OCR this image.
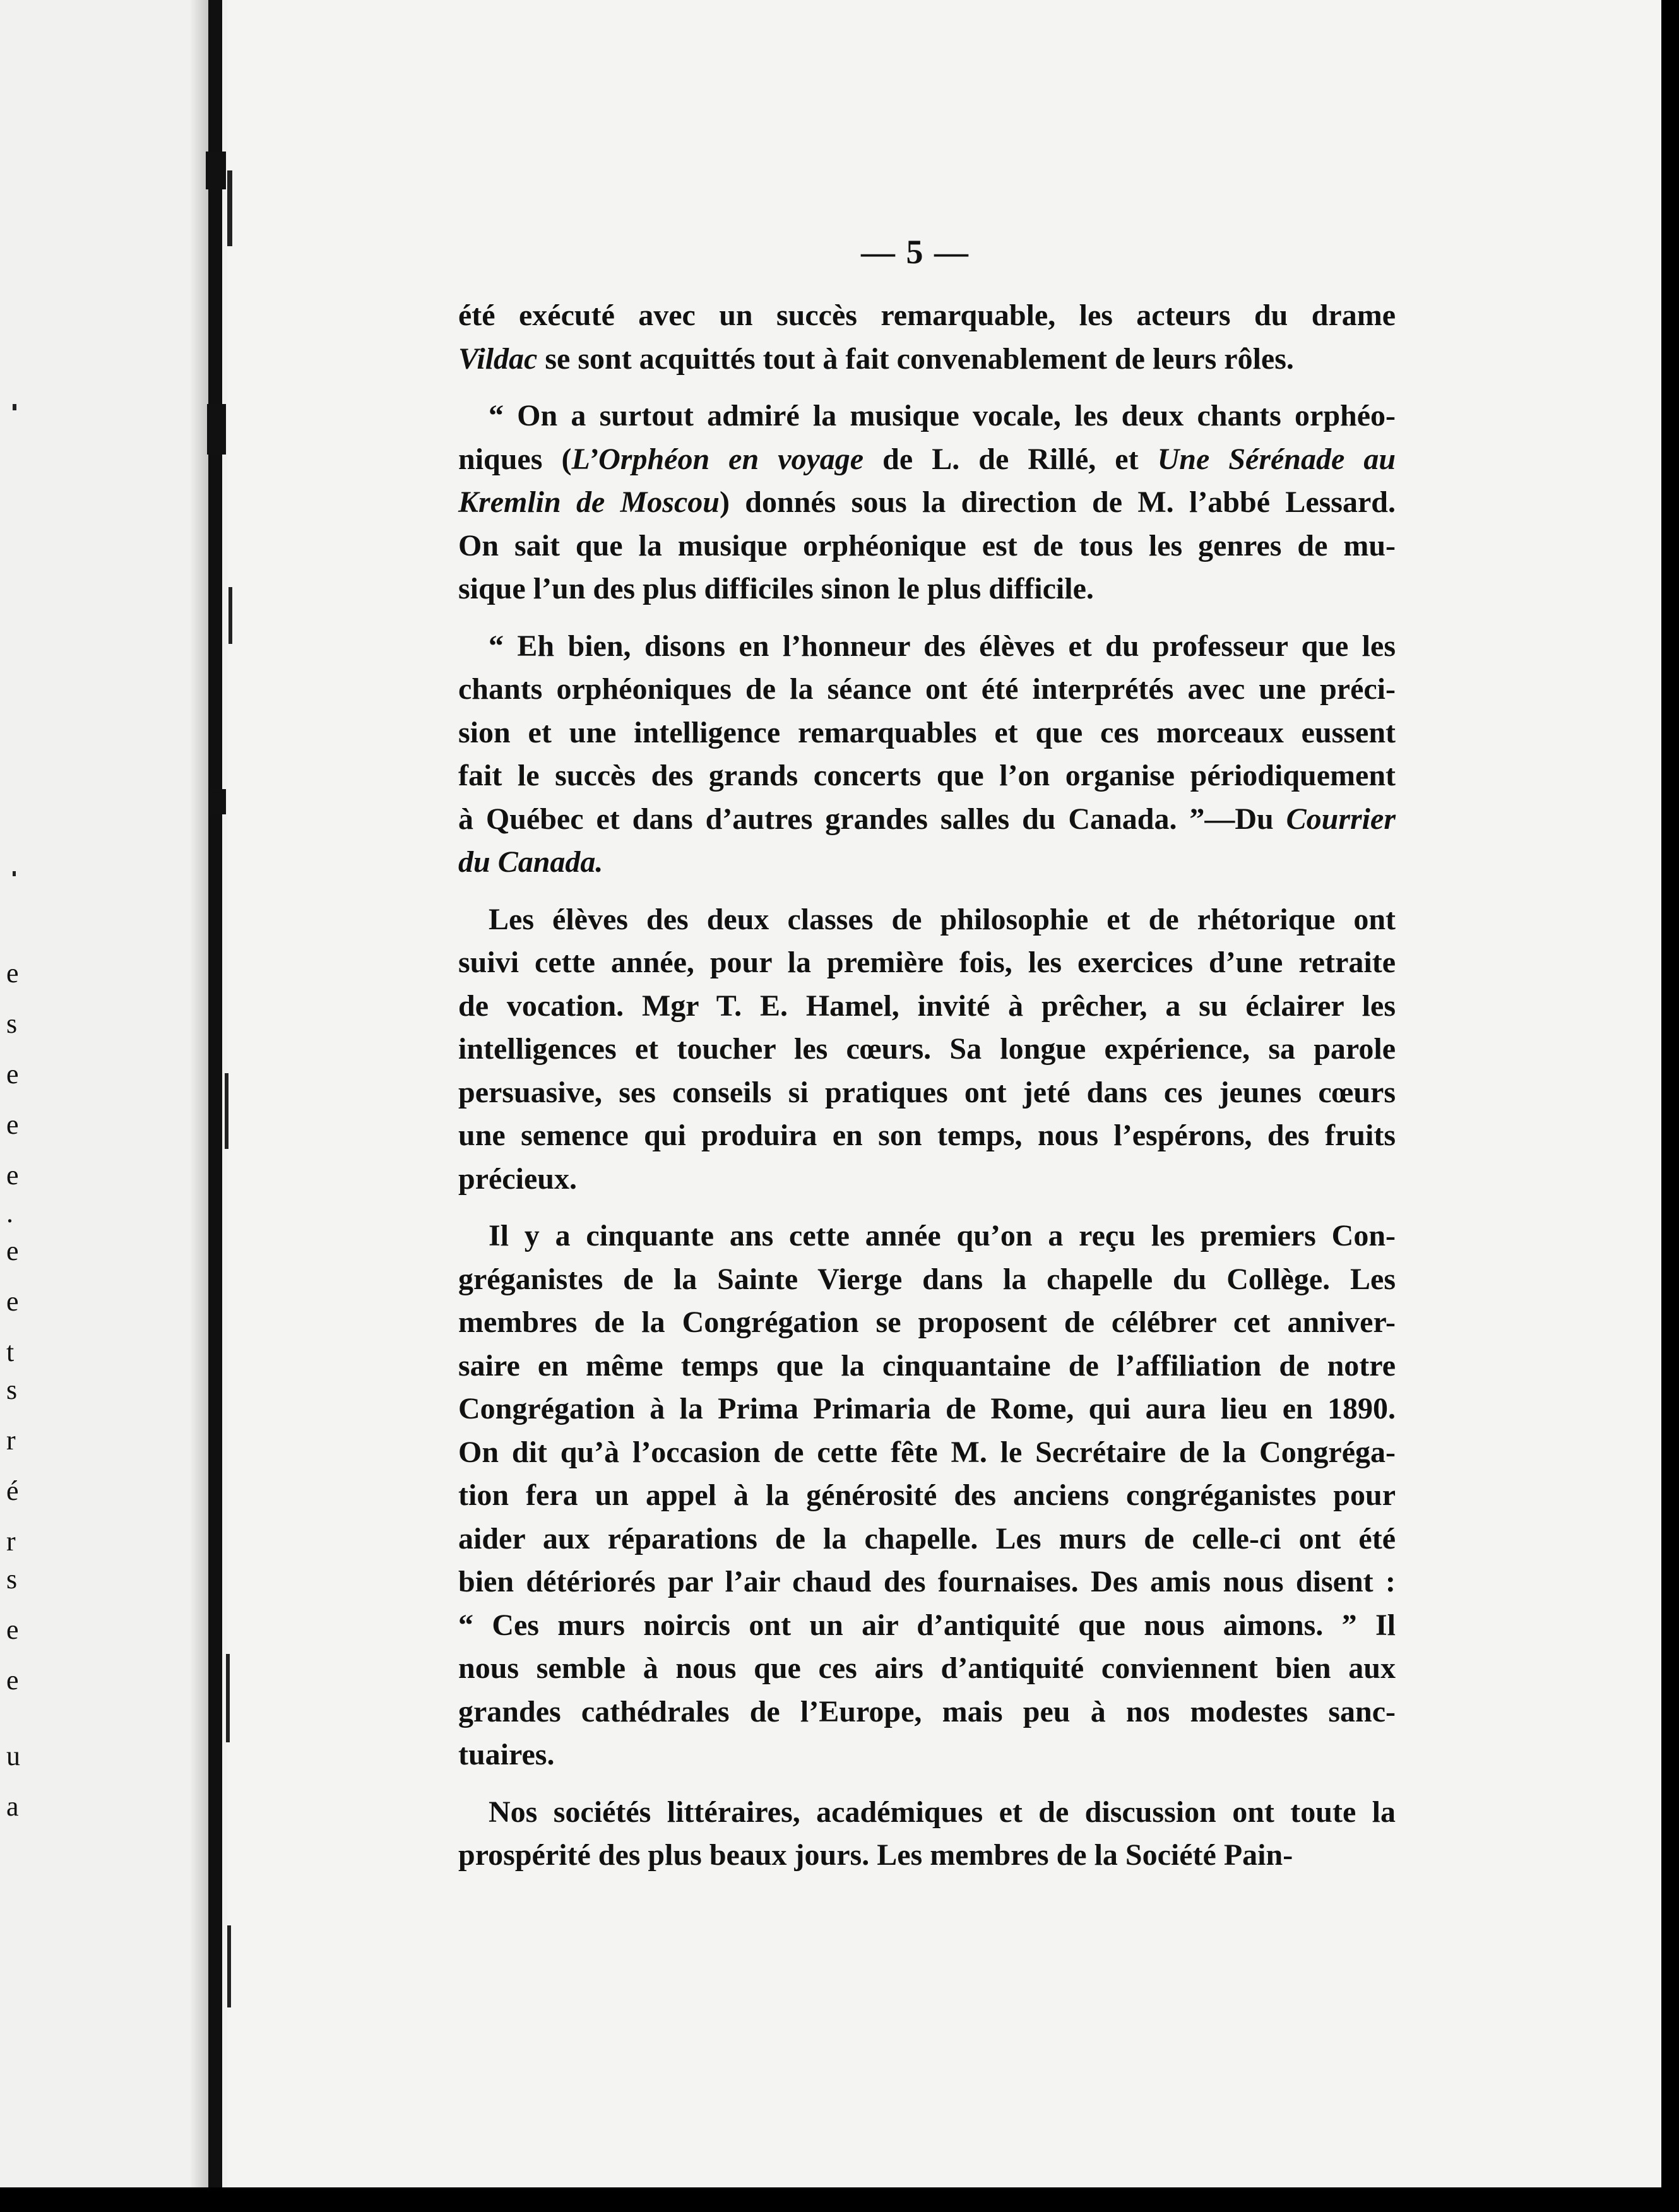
e
s
e
e
e
.
e
e
t
s
r
é
r
s
e
e
u
a
— 5 —
été exécuté avec un succès remarquable, les acteurs du drame
Vildac se sont acquittés tout à fait convenablement de leurs rôles.
“ On a surtout admiré la musique vocale, les deux chants orphéo-
niques (L’Orphéon en voyage de L. de Rillé, et Une Sérénade au
Kremlin de Moscou) donnés sous la direction de M. l’abbé Lessard.
On sait que la musique orphéonique est de tous les genres de mu-
sique l’un des plus difficiles sinon le plus difficile.
“ Eh bien, disons en l’honneur des élèves et du professeur que les
chants orphéoniques de la séance ont été interprétés avec une préci-
sion et une intelligence remarquables et que ces morceaux eussent
fait le succès des grands concerts que l’on organise périodiquement
à Québec et dans d’autres grandes salles du Canada. ”—Du Courrier
du Canada.
Les élèves des deux classes de philosophie et de rhétorique ont
suivi cette année, pour la première fois, les exercices d’une retraite
de vocation. Mgr T. E. Hamel, invité à prêcher, a su éclairer les
intelligences et toucher les cœurs. Sa longue expérience, sa parole
persuasive, ses conseils si pratiques ont jeté dans ces jeunes cœurs
une semence qui produira en son temps, nous l’espérons, des fruits
précieux.
Il y a cinquante ans cette année qu’on a reçu les premiers Con-
gréganistes de la Sainte Vierge dans la chapelle du Collège. Les
membres de la Congrégation se proposent de célébrer cet anniver-
saire en même temps que la cinquantaine de l’affiliation de notre
Congrégation à la Prima Primaria de Rome, qui aura lieu en 1890.
On dit qu’à l’occasion de cette fête M. le Secrétaire de la Congréga-
tion fera un appel à la générosité des anciens congréganistes pour
aider aux réparations de la chapelle. Les murs de celle-ci ont été
bien détériorés par l’air chaud des fournaises. Des amis nous disent :
“ Ces murs noircis ont un air d’antiquité que nous aimons. ” Il
nous semble à nous que ces airs d’antiquité conviennent bien aux
grandes cathédrales de l’Europe, mais peu à nos modestes sanc-
tuaires.
Nos sociétés littéraires, académiques et de discussion ont toute la
prospérité des plus beaux jours. Les membres de la Société Pain-
